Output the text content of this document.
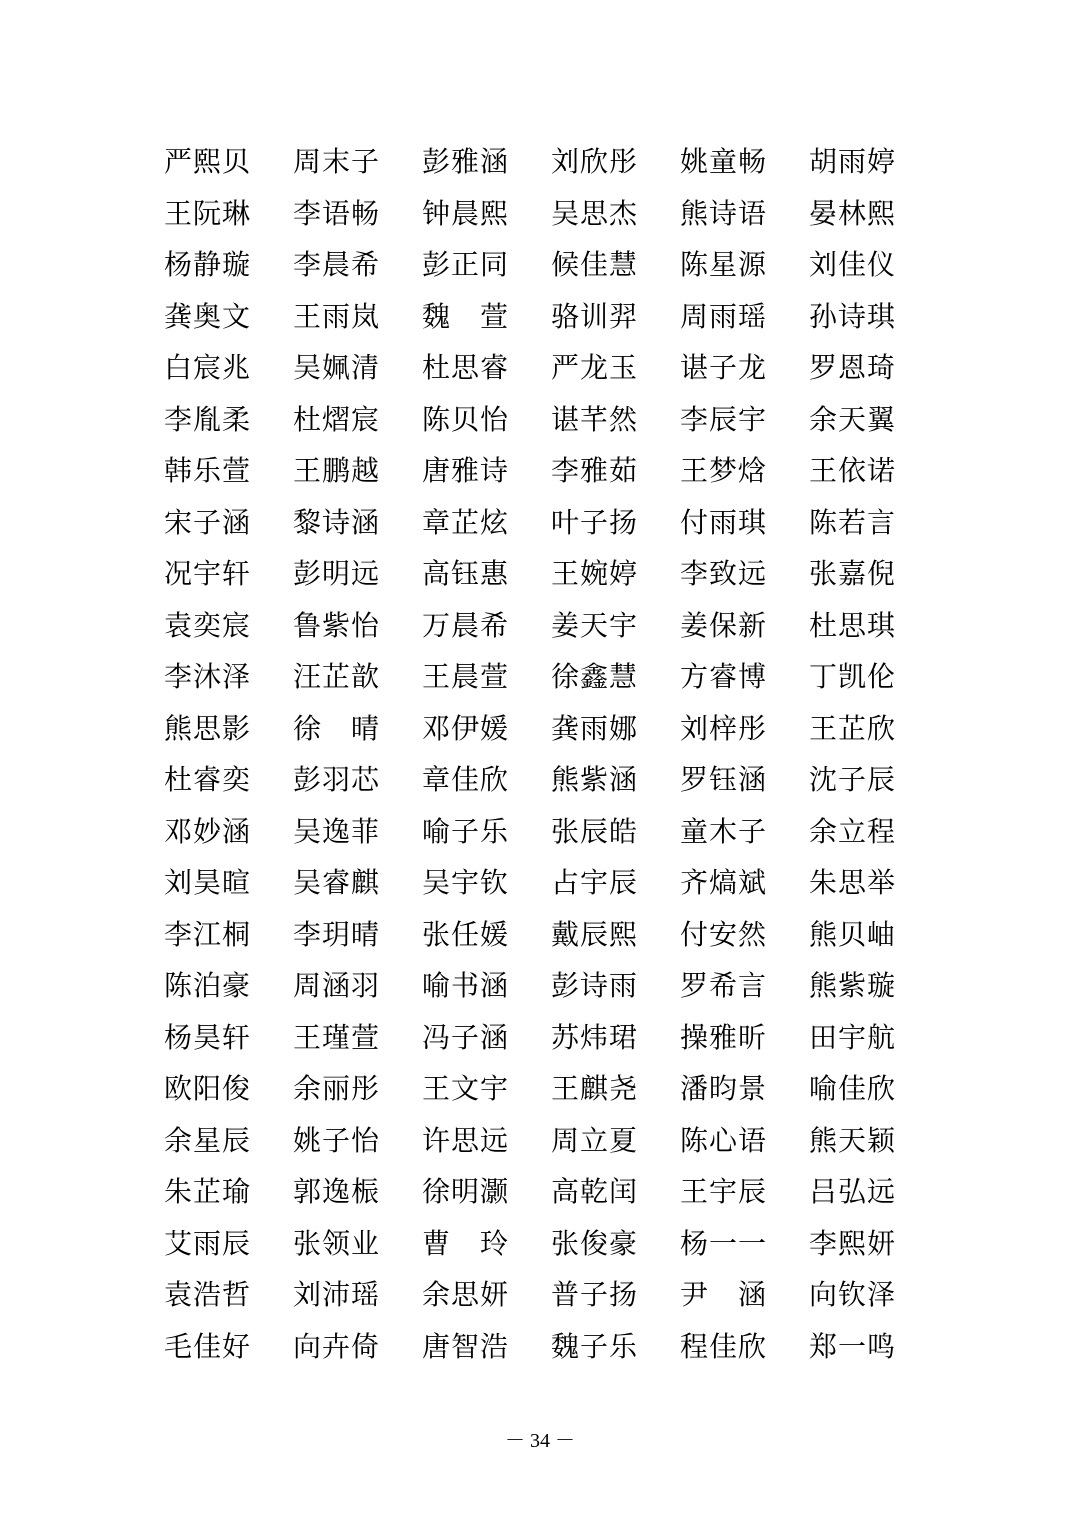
严熙贝	周末子	彭雅涵	刘欣彤	姚童畅	胡雨婷
王阮琳	李语畅	钟晨熙	吴思杰	熊诗语	晏林熙
杨静璇	李晨希	彭正同	候佳慧	陈星源	刘佳仪
龚奥文	王雨岚	魏　萱	骆训羿	周雨瑶	孙诗琪
白宸兆	吴姵清	杜思睿	严龙玉	谌子龙	罗恩琦
李胤柔	杜熠宸	陈贝怡	谌芊然	李辰宇	余天翼
韩乐萱	王鹏越	唐雅诗	李雅茹	王梦焓	王依诺
宋子涵	黎诗涵	章芷炫	叶子扬	付雨琪	陈若言
况宇轩	彭明远	高钰惠	王婉婷	李致远	张嘉倪
袁奕宸	鲁紫怡	万晨希	姜天宇	姜保新	杜思琪
李沐泽	汪芷歆	王晨萱	徐鑫慧	方睿博	丁凯伦
熊思影	徐　晴	邓伊媛	龚雨娜	刘梓彤	王芷欣
杜睿奕	彭羽芯	章佳欣	熊紫涵	罗钰涵	沈子辰
邓妙涵	吴逸菲	喻子乐	张辰皓	童木子	余立程
刘昊暄	吴睿麒	吴宇钦	占宇辰	齐熇斌	朱思举
李江桐	李玥晴	张任媛	戴辰熙	付安然	熊贝岫
陈泊豪	周涵羽	喻书涵	彭诗雨	罗希言	熊紫璇
杨昊轩	王瑾萱	冯子涵	苏炜珺	操雅昕	田宇航
欧阳俊	余丽彤	王文宇	王麒尧	潘昀景	喻佳欣
余星辰	姚子怡	许思远	周立夏	陈心语	熊天颖
朱芷瑜	郭逸桭	徐明灏	高乾闰	王宇辰	吕弘远
艾雨辰	张领业	曹　玲	张俊豪	杨一一	李熙妍
袁浩哲	刘沛瑶	余思妍	普子扬	尹　涵	向钦泽
毛佳好	向卉倚	唐智浩	魏子乐	程佳欣	郑一鸣
－ 34 －
